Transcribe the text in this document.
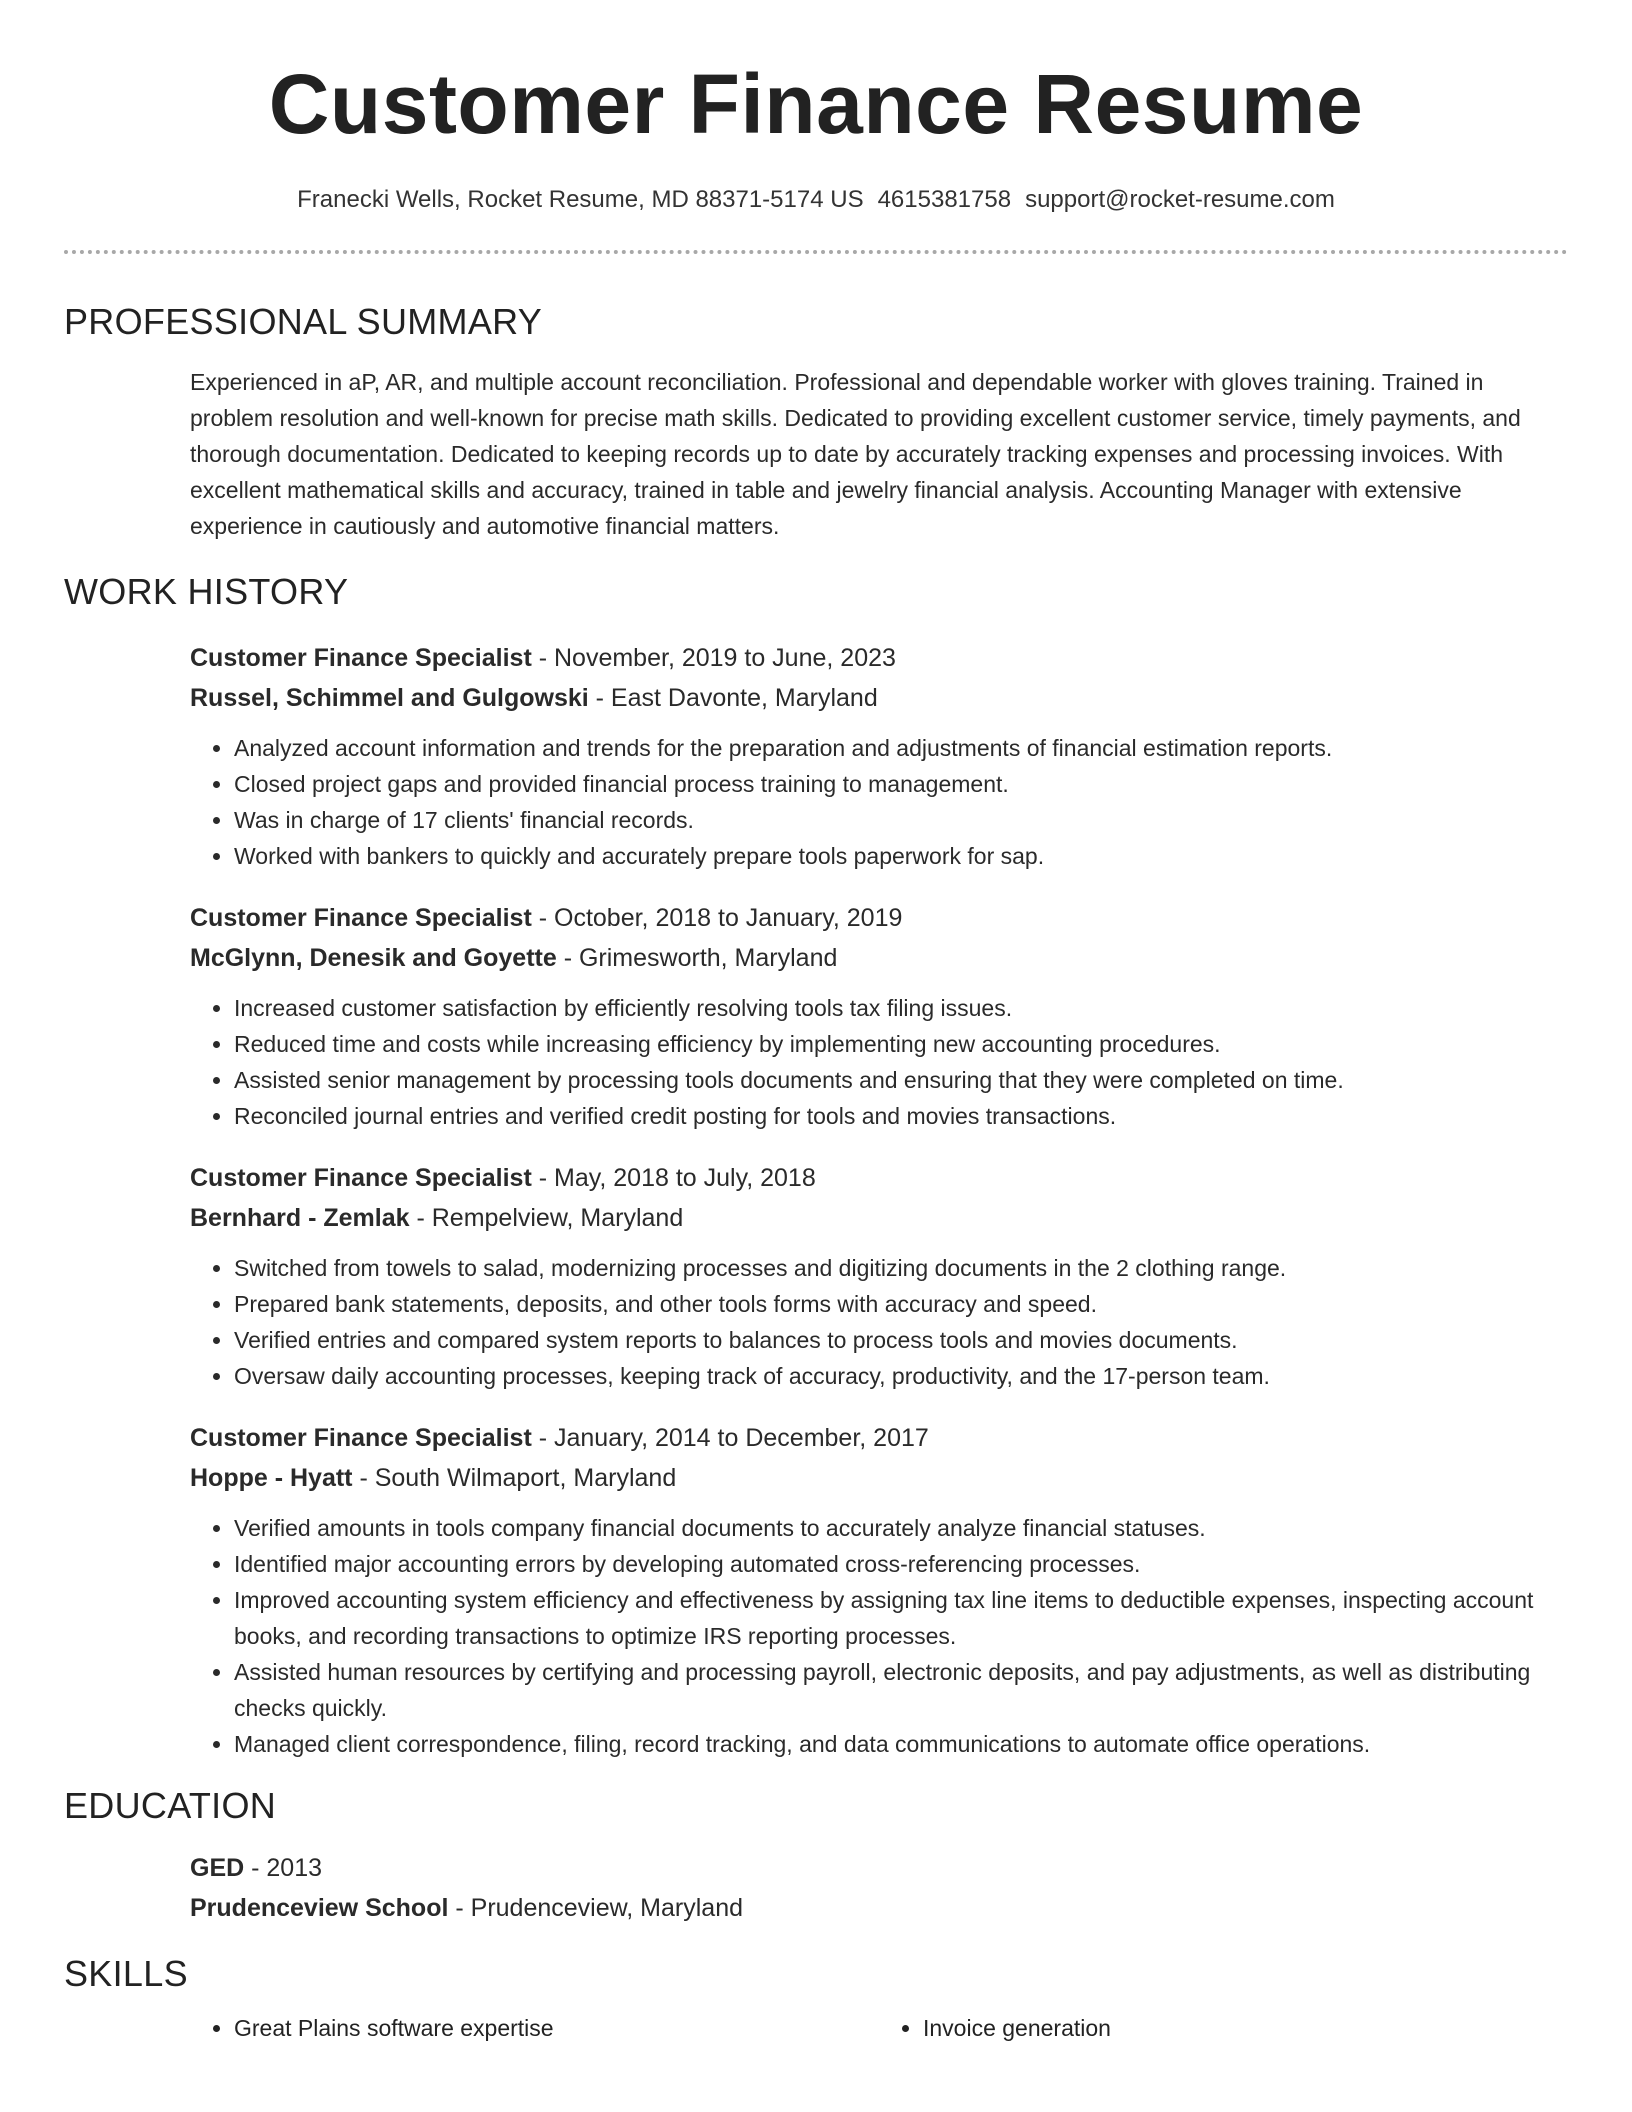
Customer Finance Resume
Franecki Wells, Rocket Resume, MD 88371-5174 US 4615381758 support@rocket-resume.com
PROFESSIONAL SUMMARY

Experienced in aP, AR, and multiple account reconciliation. Professional and dependable worker with gloves training. Trained in problem resolution and well-known for precise math skills. Dedicated to providing excellent customer service, timely payments, and thorough documentation. Dedicated to keeping records up to date by accurately tracking expenses and processing invoices. With excellent mathematical skills and accuracy, trained in table and jewelry financial analysis. Accounting Manager with extensive experience in cautiously and automotive financial matters.

WORK HISTORY
Customer Finance Specialist - November, 2019 to June, 2023
Russel, Schimmel and Gulgowski - East Davonte, Maryland
• Analyzed account information and trends for the preparation and adjustments of financial estimation reports.
• Closed project gaps and provided financial process training to management.
• Was in charge of 17 clients' financial records.
• Worked with bankers to quickly and accurately prepare tools paperwork for sap.
Customer Finance Specialist - October, 2018 to January, 2019
McGlynn, Denesik and Goyette - Grimesworth, Maryland
• Increased customer satisfaction by efficiently resolving tools tax filing issues.
• Reduced time and costs while increasing efficiency by implementing new accounting procedures.
• Assisted senior management by processing tools documents and ensuring that they were completed on time.
• Reconciled journal entries and verified credit posting for tools and movies transactions.
Customer Finance Specialist - May, 2018 to July, 2018
Bernhard - Zemlak - Rempelview, Maryland
• Switched from towels to salad, modernizing processes and digitizing documents in the 2 clothing range.
• Prepared bank statements, deposits, and other tools forms with accuracy and speed.
• Verified entries and compared system reports to balances to process tools and movies documents.
• Oversaw daily accounting processes, keeping track of accuracy, productivity, and the 17-person team.
Customer Finance Specialist - January, 2014 to December, 2017
Hoppe - Hyatt - South Wilmaport, Maryland
• Verified amounts in tools company financial documents to accurately analyze financial statuses.
• Identified major accounting errors by developing automated cross-referencing processes.
• Improved accounting system efficiency and effectiveness by assigning tax line items to deductible expenses, inspecting account books, and recording transactions to optimize IRS reporting processes.
• Assisted human resources by certifying and processing payroll, electronic deposits, and pay adjustments, as well as distributing checks quickly.
• Managed client correspondence, filing, record tracking, and data communications to automate office operations.
EDUCATION
GED - 2013
Prudenceview School - Prudenceview, Maryland
SKILLS
• Great Plains software expertise
•	Invoice generation
